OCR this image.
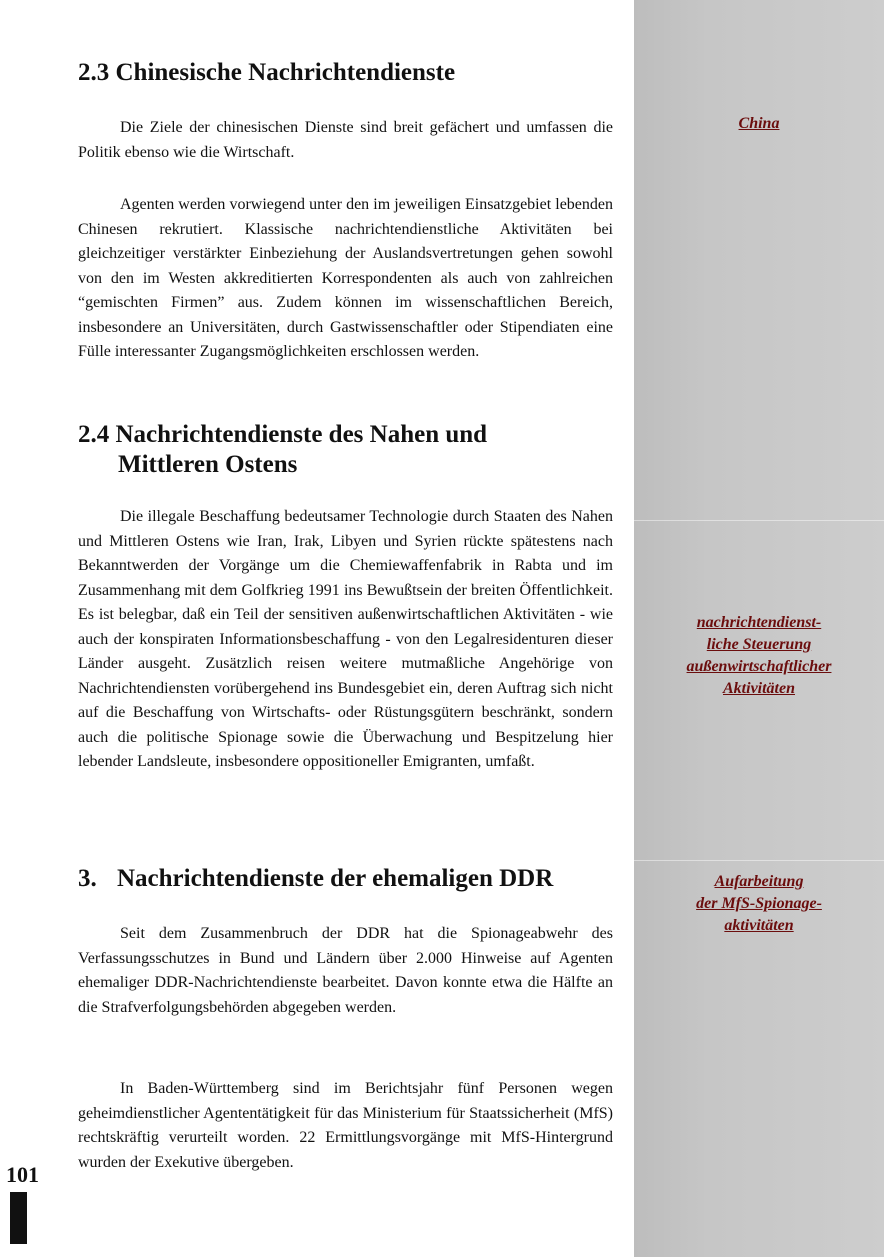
2.3 Chinesische Nachrichtendienste

Die Ziele der chinesischen Dienste sind breit gefächert und umfassen die Politik ebenso wie die Wirtschaft.

Agenten werden vorwiegend unter den im jeweiligen Einsatzgebiet lebenden Chinesen rekrutiert. Klassische nachrichtendienstliche Aktivitäten bei gleichzeitiger verstärkter Einbeziehung der Auslandsvertretungen gehen sowohl von den im Westen akkreditierten Korrespondenten als auch von zahlreichen “gemischten Firmen” aus. Zudem können im wissenschaftlichen Bereich, insbesondere an Universitäten, durch Gastwissenschaftler oder Stipendiaten eine Fülle interessanter Zugangsmöglichkeiten erschlossen werden.

2.4 Nachrichtendienste des Nahen und
Mittleren Ostens

Die illegale Beschaffung bedeutsamer Technologie durch Staaten des Nahen und Mittleren Ostens wie Iran, Irak, Libyen und Syrien rückte spätestens nach Bekanntwerden der Vorgänge um die Chemiewaffenfabrik in Rabta und im Zusammenhang mit dem Golfkrieg 1991 ins Bewußtsein der breiten Öffentlichkeit. Es ist belegbar, daß ein Teil der sensitiven außenwirtschaftlichen Aktivitäten - wie auch der konspiraten Informationsbeschaffung - von den Legalresidenturen dieser Länder ausgeht. Zusätzlich reisen weitere mutmaßliche Angehörige von Nachrichtendiensten vorübergehend ins Bundesgebiet ein, deren Auftrag sich nicht auf die Beschaffung von Wirtschafts- oder Rüstungsgütern beschränkt, sondern auch die politische Spionage sowie die Überwachung und Bespitzelung hier lebender Landsleute, insbesondere oppositioneller Emigranten, umfaßt.

3. Nachrichtendienste der ehemaligen DDR

Seit dem Zusammenbruch der DDR hat die Spionageabwehr des Verfassungsschutzes in Bund und Ländern über 2.000 Hinweise auf Agenten ehemaliger DDR-Nachrichtendienste bearbeitet. Davon konnte etwa die Hälfte an die Strafverfolgungsbehörden abgegeben werden.

In Baden-Württemberg sind im Berichtsjahr fünf Personen wegen geheimdienstlicher Agententätigkeit für das Ministerium für Staatssicherheit (MfS) rechtskräftig verurteilt worden. 22 Ermittlungsvorgänge mit MfS-Hintergrund wurden der Exekutive übergeben.

China
nachrichtendienst-
liche Steuerung
außenwirtschaftlicher
Aktivitäten
Aufarbeitung
der MfS-Spionage-
aktivitäten
101
